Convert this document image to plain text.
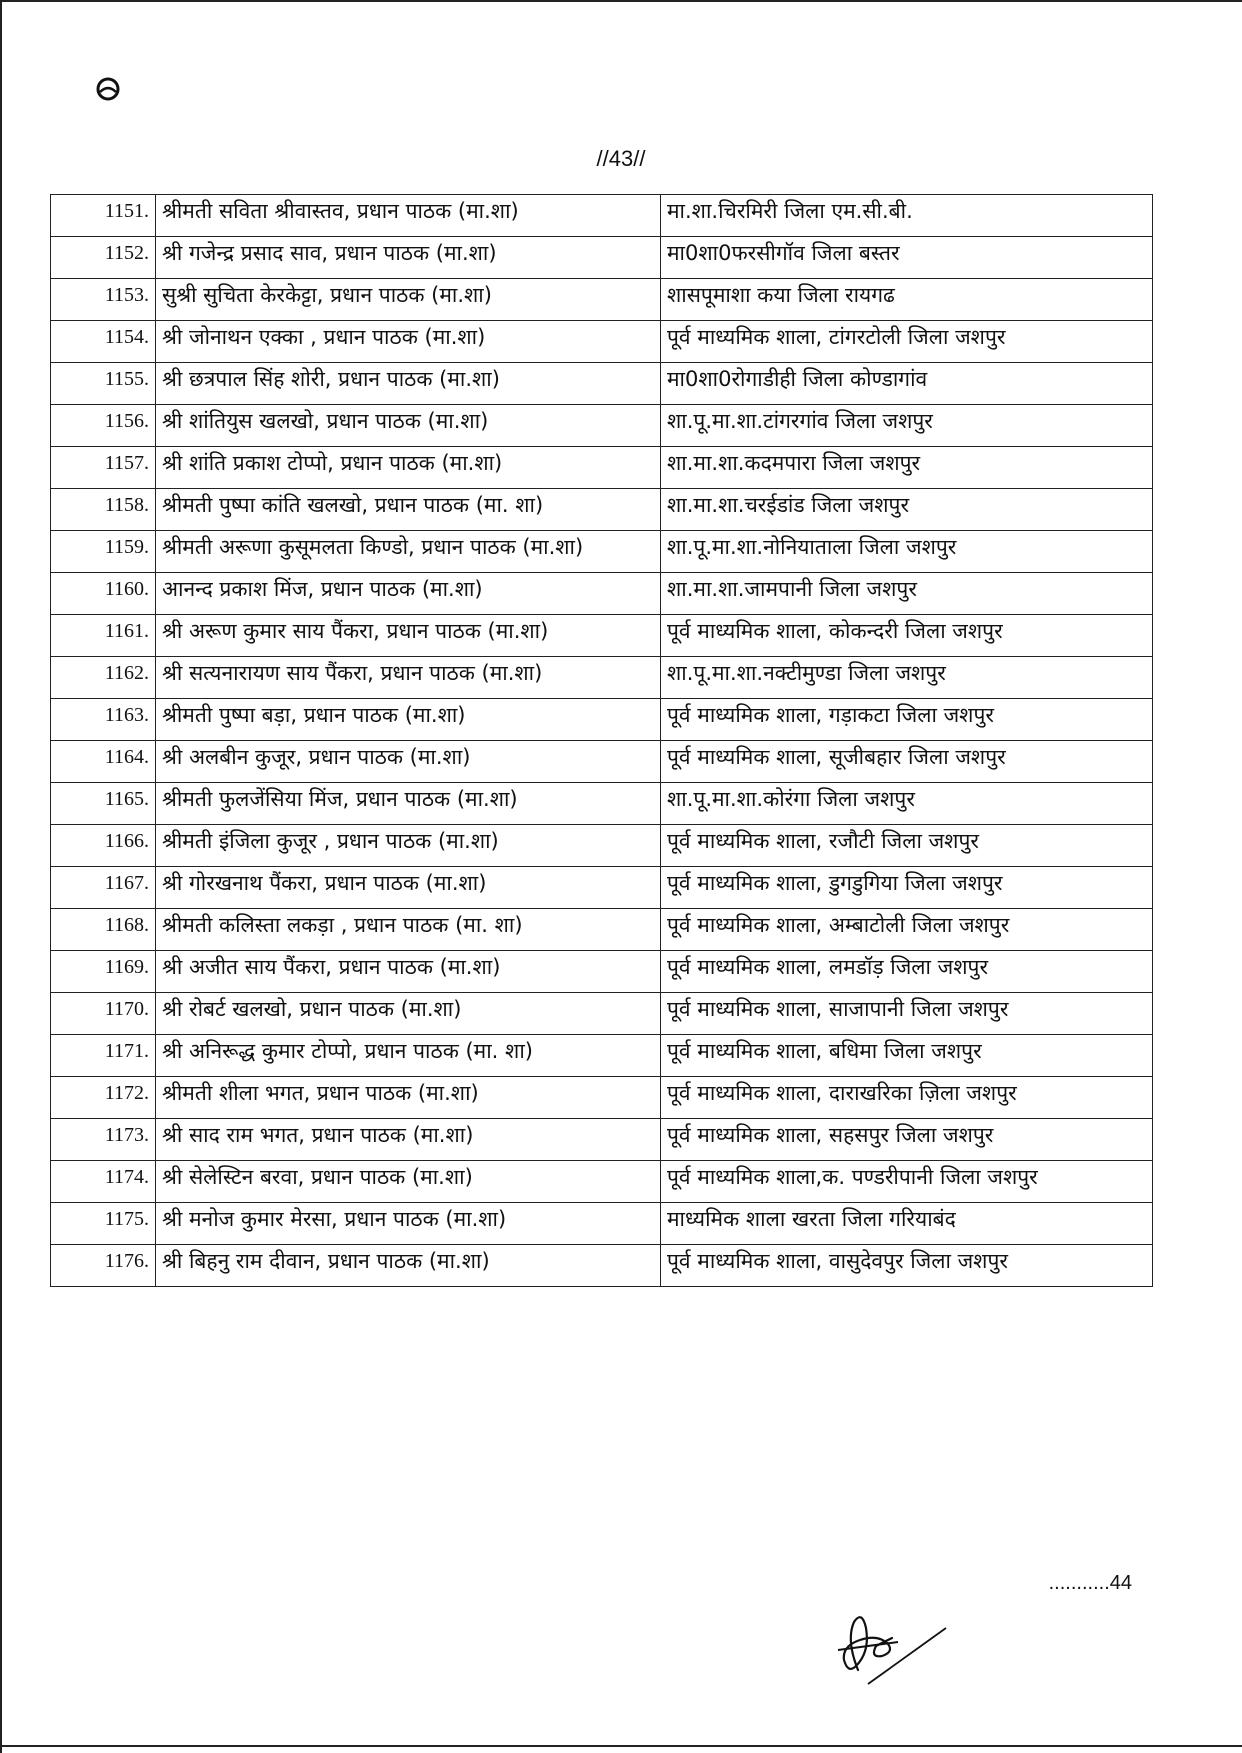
//43//
1151.	श्रीमती सविता श्रीवास्तव, प्रधान पाठक (मा.शा)	मा.शा.चिरमिरी जिला एम.सी.बी.
1152.	श्री गजेन्द्र प्रसाद साव, प्रधान पाठक (मा.शा)	मा0शा0फरसीगॉव जिला बस्तर
1153.	सुश्री सुचिता केरकेट्टा, प्रधान पाठक (मा.शा)	शासपूमाशा कया जिला रायगढ
1154.	श्री जोनाथन एक्का , प्रधान पाठक (मा.शा)	पूर्व माध्यमिक शाला, टांगरटोली जिला जशपुर
1155.	श्री छत्रपाल सिंह शोरी, प्रधान पाठक (मा.शा)	मा0शा0रोगाडीही जिला कोण्डागांव
1156.	श्री शांतियुस खलखो, प्रधान पाठक (मा.शा)	शा.पू.मा.शा.टांगरगांव जिला जशपुर
1157.	श्री शांति प्रकाश टोप्पो, प्रधान पाठक (मा.शा)	शा.मा.शा.कदमपारा जिला जशपुर
1158.	श्रीमती पुष्पा कांति खलखो, प्रधान पाठक (मा. शा)	शा.मा.शा.चरईडांड जिला जशपुर
1159.	श्रीमती अरूणा कुसूमलता किण्डो, प्रधान पाठक (मा.शा)	शा.पू.मा.शा.नोनियाताला जिला जशपुर
1160.	आनन्द प्रकाश मिंज, प्रधान पाठक (मा.शा)	शा.मा.शा.जामपानी जिला जशपुर
1161.	श्री अरूण कुमार साय पैंकरा, प्रधान पाठक (मा.शा)	पूर्व माध्यमिक शाला, कोकन्दरी जिला जशपुर
1162.	श्री सत्यनारायण साय पैंकरा, प्रधान पाठक (मा.शा)	शा.पू.मा.शा.नक्टीमुण्डा जिला जशपुर
1163.	श्रीमती पुष्पा बड़ा, प्रधान पाठक (मा.शा)	पूर्व माध्यमिक शाला, गड़ाकटा जिला जशपुर
1164.	श्री अलबीन कुजूर, प्रधान पाठक (मा.शा)	पूर्व माध्यमिक शाला, सूजीबहार जिला जशपुर
1165.	श्रीमती फुलजेंसिया मिंज, प्रधान पाठक (मा.शा)	शा.पू.मा.शा.कोरंगा जिला जशपुर
1166.	श्रीमती इंजिला कुजूर , प्रधान पाठक (मा.शा)	पूर्व माध्यमिक शाला, रजौटी जिला जशपुर
1167.	श्री गोरखनाथ पैंकरा, प्रधान पाठक (मा.शा)	पूर्व माध्यमिक शाला, डुगडुगिया जिला जशपुर
1168.	श्रीमती कलिस्ता लकड़ा , प्रधान पाठक (मा. शा)	पूर्व माध्यमिक शाला, अम्बाटोली जिला जशपुर
1169.	श्री अजीत साय पैंकरा, प्रधान पाठक (मा.शा)	पूर्व माध्यमिक शाला, लमडॉड़ जिला जशपुर
1170.	श्री रोबर्ट खलखो, प्रधान पाठक (मा.शा)	पूर्व माध्यमिक शाला, साजापानी जिला जशपुर
1171.	श्री अनिरूद्ध कुमार टोप्पो, प्रधान पाठक (मा. शा)	पूर्व माध्यमिक शाला, बधिमा जिला जशपुर
1172.	श्रीमती शीला भगत, प्रधान पाठक (मा.शा)	पूर्व माध्यमिक शाला, दाराखरिका ज़िला जशपुर
1173.	श्री साद राम भगत, प्रधान पाठक (मा.शा)	पूर्व माध्यमिक शाला, सहसपुर जिला जशपुर
1174.	श्री सेलेस्टिन बरवा, प्रधान पाठक (मा.शा)	पूर्व माध्यमिक शाला,क. पण्डरीपानी जिला जशपुर
1175.	श्री मनोज कुमार मेरसा, प्रधान पाठक (मा.शा)	माध्यमिक शाला खरता जिला गरियाबंद
1176.	श्री बिहनु राम दीवान, प्रधान पाठक (मा.शा)	पूर्व माध्यमिक शाला, वासुदेवपुर जिला जशपुर
...........44
